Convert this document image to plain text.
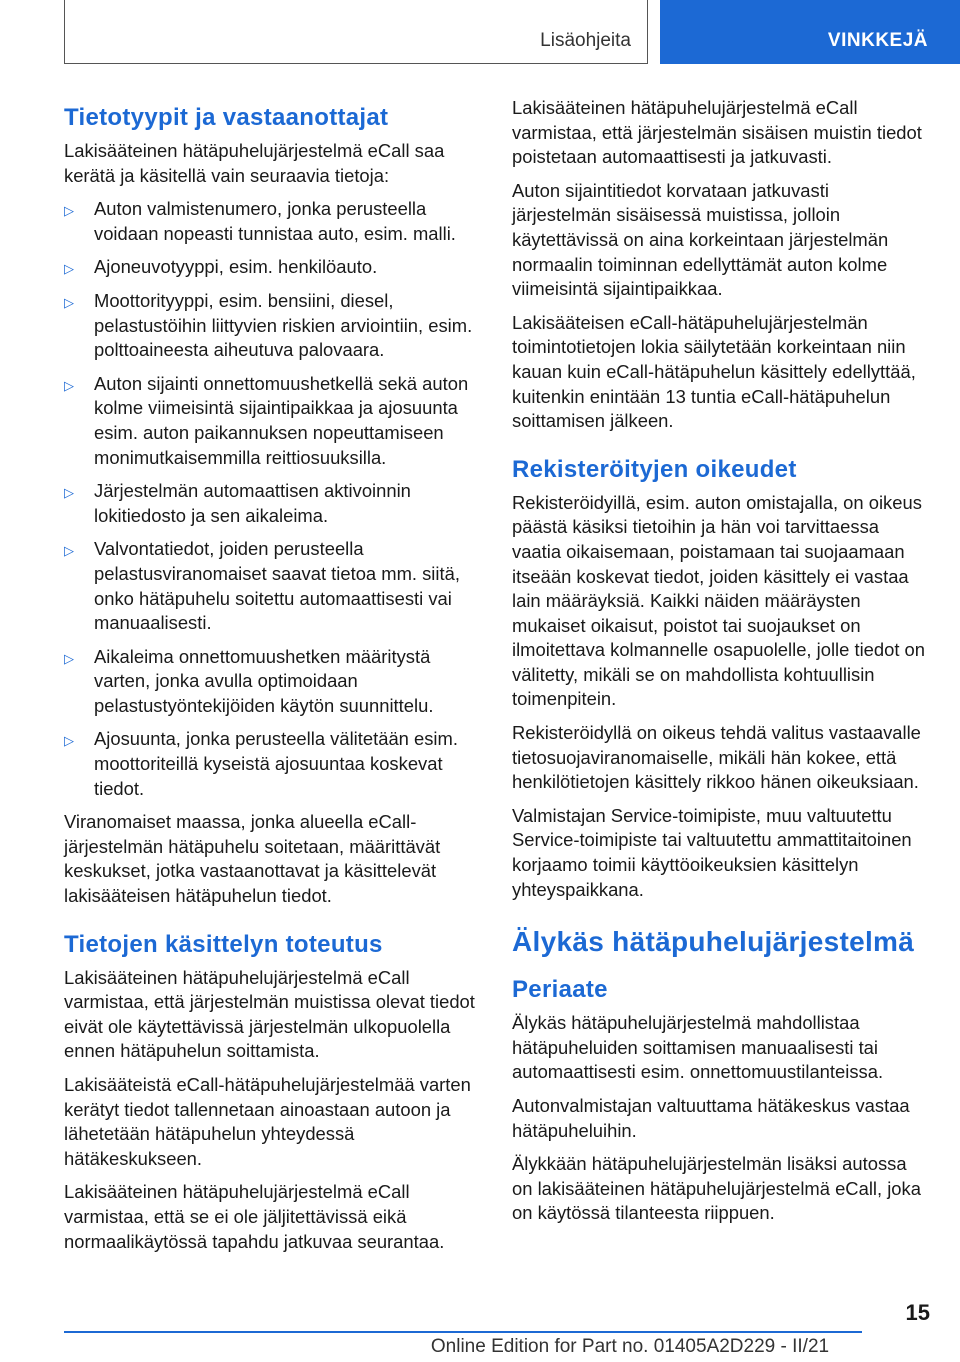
Lisäohjeita	VINKKEJÄ
Tietotyypit ja vastaanottajat

Lakisääteinen hätäpuhelujärjestelmä eCall saa kerätä ja käsitellä vain seuraavia tietoja:

▷ Auton valmistenumero, jonka perusteella voidaan nopeasti tunnistaa auto, esim. malli.
▷ Ajoneuvotyyppi, esim. henkilöauto.
▷ Moottorityyppi, esim. bensiini, diesel, pelastustöihin liittyvien riskien arviointiin, esim. polttoaineesta aiheutuva palovaara.
▷ Auton sijainti onnettomuushetkellä sekä auton kolme viimeisintä sijaintipaikkaa ja ajosuunta esim. auton paikannuksen nopeuttamiseen monimutkaisemmilla reittiosuuksilla.
▷ Järjestelmän automaattisen aktivoinnin lokitiedosto ja sen aikaleima.
▷ Valvontatiedot, joiden perusteella pelastusviranomaiset saavat tietoa mm. siitä, onko hätäpuhelu soitettu automaattisesti vai manuaalisesti.
▷ Aikaleima onnettomuushetken määritystä varten, jonka avulla optimoidaan pelastustyöntekijöiden käytön suunnittelu.
▷ Ajosuunta, jonka perusteella välitetään esim. moottoriteillä kyseistä ajosuuntaa koskevat tiedot.

Viranomaiset maassa, jonka alueella eCall-järjestelmän hätäpuhelu soitetaan, määrittävät keskukset, jotka vastaanottavat ja käsittelevät lakisääteisen hätäpuhelun tiedot.

Tietojen käsittelyn toteutus

Lakisääteinen hätäpuhelujärjestelmä eCall varmistaa, että järjestelmän muistissa olevat tiedot eivät ole käytettävissä järjestelmän ulkopuolella ennen hätäpuhelun soittamista.

Lakisääteistä eCall-hätäpuhelujärjestelmää varten kerätyt tiedot tallennetaan ainoastaan autoon ja lähetetään hätäpuhelun yhteydessä hätäkeskukseen.

Lakisääteinen hätäpuhelujärjestelmä eCall varmistaa, että se ei ole jäljitettävissä eikä normaalikäytössä tapahdu jatkuvaa seurantaa.

Lakisääteinen hätäpuhelujärjestelmä eCall varmistaa, että järjestelmän sisäisen muistin tiedot poistetaan automaattisesti ja jatkuvasti.

Auton sijaintitiedot korvataan jatkuvasti järjestelmän sisäisessä muistissa, jolloin käytettävissä on aina korkeintaan järjestelmän normaalin toiminnan edellyttämät auton kolme viimeisintä sijaintipaikkaa.

Lakisääteisen eCall-hätäpuhelujärjestelmän toimintotietojen lokia säilytetään korkeintaan niin kauan kuin eCall-hätäpuhelun käsittely edellyttää, kuitenkin enintään 13 tuntia eCall-hätäpuhelun soittamisen jälkeen.

Rekisteröityjen oikeudet

Rekisteröidyillä, esim. auton omistajalla, on oikeus päästä käsiksi tietoihin ja hän voi tarvittaessa vaatia oikaisemaan, poistamaan tai suojaamaan itseään koskevat tiedot, joiden käsittely ei vastaa lain määräyksiä. Kaikki näiden määräysten mukaiset oikaisut, poistot tai suojaukset on ilmoitettava kolmannelle osapuolelle, jolle tiedot on välitetty, mikäli se on mahdollista kohtuullisin toimenpitein.

Rekisteröidyllä on oikeus tehdä valitus vastaavalle tietosuojaviranomaiselle, mikäli hän kokee, että henkilötietojen käsittely rikkoo hänen oikeuksiaan.

Valmistajan Service-toimipiste, muu valtuutettu Service-toimipiste tai valtuutettu ammattitaitoinen korjaamo toimii käyttöoikeuksien käsittelyn yhteyspaikkana.

Älykäs hätäpuhelujärjestelmä
Periaate

Älykäs hätäpuhelujärjestelmä mahdollistaa hätäpuheluiden soittamisen manuaalisesti tai automaattisesti esim. onnettomuustilanteissa.

Autonvalmistajan valtuuttama hätäkeskus vastaa hätäpuheluihin.

Älykkään hätäpuhelujärjestelmän lisäksi autossa on lakisääteinen hätäpuhelujärjestelmä eCall, joka on käytössä tilanteesta riippuen.

15
Online Edition for Part no. 01405A2D229 - II/21
